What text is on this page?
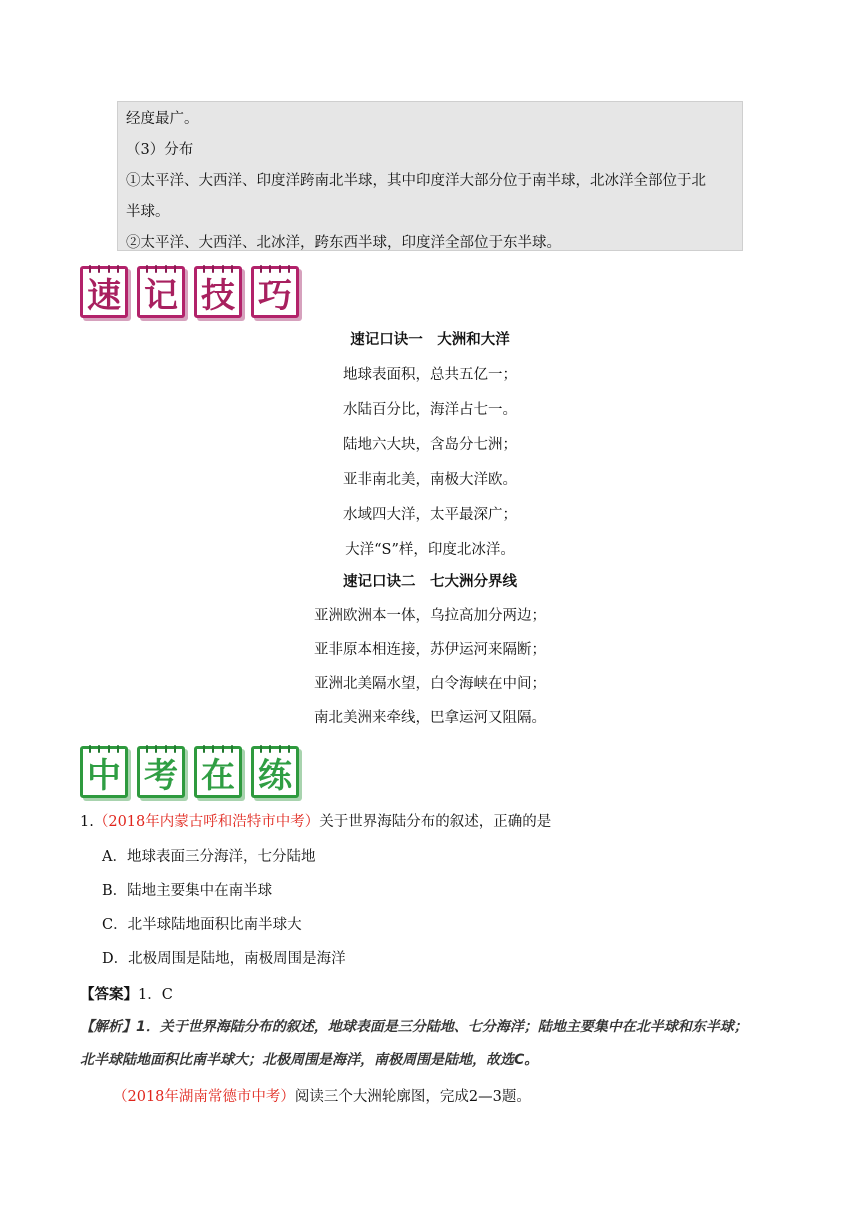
经度最广。

（3）分布

①太平洋、大西洋、印度洋跨南北半球，其中印度洋大部分位于南半球，北冰洋全部位于北

半球。

②太平洋、大西洋、北冰洋，跨东西半球，印度洋全部位于东半球。

速 记 技 巧
速记口诀一　大洲和大洋
地球表面积，总共五亿一；
水陆百分比，海洋占七一。
陆地六大块，含岛分七洲；
亚非南北美，南极大洋欧。
水域四大洋，太平最深广；
大洋“S”样，印度北冰洋。
速记口诀二　七大洲分界线
亚洲欧洲本一体，乌拉高加分两边；
亚非原本相连接，苏伊运河来隔断；
亚洲北美隔水望，白令海峡在中间；
南北美洲来牵线，巴拿运河又阻隔。
中 考 在 练
1.（2018年内蒙古呼和浩特市中考）关于世界海陆分布的叙述，正确的是
A．地球表面三分海洋，七分陆地
B．陆地主要集中在南半球
C．北半球陆地面积比南半球大
D．北极周围是陆地，南极周围是海洋
【答案】1．C
【解析】1．关于世界海陆分布的叙述，地球表面是三分陆地、七分海洋；陆地主要集中在北半球和东半球；
北半球陆地面积比南半球大；北极周围是海洋，南极周围是陆地，故选C。
（2018年湖南常德市中考）阅读三个大洲轮廓图，完成2—3题。
